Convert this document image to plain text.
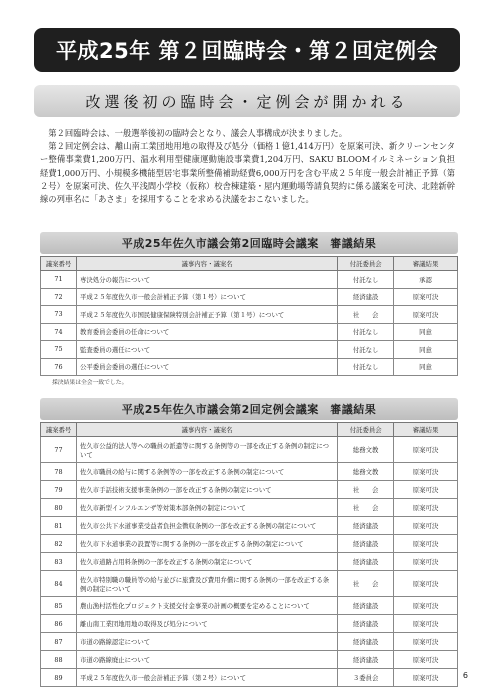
平成25年 第２回臨時会・第２回定例会
改選後初の臨時会・定例会が開かれる

第２回臨時会は、一般選挙後初の臨時会となり、議会人事構成が決まりました。

第２回定例会は、離山南工業団地用地の取得及び処分（価格１億1,414万円）を原案可決、新クリーンセンター整備事業費1,200万円、温水利用型健康運動施設事業費1,204万円、SAKU BLOOMイルミネーション負担経費1,000万円、小規模多機能型居宅事業所整備補助経費6,000万円を含む平成２５年度一般会計補正予算（第２号）を原案可決、佐久平浅間小学校（仮称）校舎棟建築・屋内運動場等請負契約に係る議案を可決、北陸新幹線の列車名に「あさま」を採用することを求める決議をおこないました。

平成25年佐久市議会第2回臨時会議案　審議結果
議案番号	議事内容・議案名	付託委員会	審議結果
71	専決処分の報告について	付託なし	承認
72	平成２５年度佐久市一般会計補正予算（第１号）について	経済建設	原案可決
73	平成２５年度佐久市国民健康保険特別会計補正予算（第１号）について	社　　会	原案可決
74	教育委員会委員の任命について	付託なし	同意
75	監査委員の選任について	付託なし	同意
76	公平委員会委員の選任について	付託なし	同意
採決結果は全会一致でした。
平成25年佐久市議会第2回定例会議案　審議結果
議案番号	議事内容・議案名	付託委員会	審議結果
77	佐久市公益的法人等への職員の派遣等に関する条例等の一部を改正する条例の制定について	総務文教	原案可決
78	佐久市職員の給与に関する条例等の一部を改正する条例の制定について	総務文教	原案可決
79	佐久市手話技術支援事業条例の一部を改正する条例の制定について	社　　会	原案可決
80	佐久市新型インフルエンザ等対策本部条例の制定について	社　　会	原案可決
81	佐久市公共下水道事業受益者負担金徴収条例の一部を改正する条例の制定について	経済建設	原案可決
82	佐久市下水道事業の設置等に関する条例の一部を改正する条例の制定について	経済建設	原案可決
83	佐久市道路占用料条例の一部を改正する条例の制定について	経済建設	原案可決
84	佐久市特別職の職員等の給与並びに旅費及び費用弁償に関する条例の一部を改正する条例の制定について	社　　会	原案可決
85	農山漁村活性化プロジェクト支援交付金事業の計画の概要を定めることについて	経済建設	原案可決
86	離山南工業団地用地の取得及び処分について	経済建設	原案可決
87	市道の路線認定について	経済建設	原案可決
88	市道の路線廃止について	経済建設	原案可決
89	平成２５年度佐久市一般会計補正予算（第２号）について	３委員会	原案可決	6
